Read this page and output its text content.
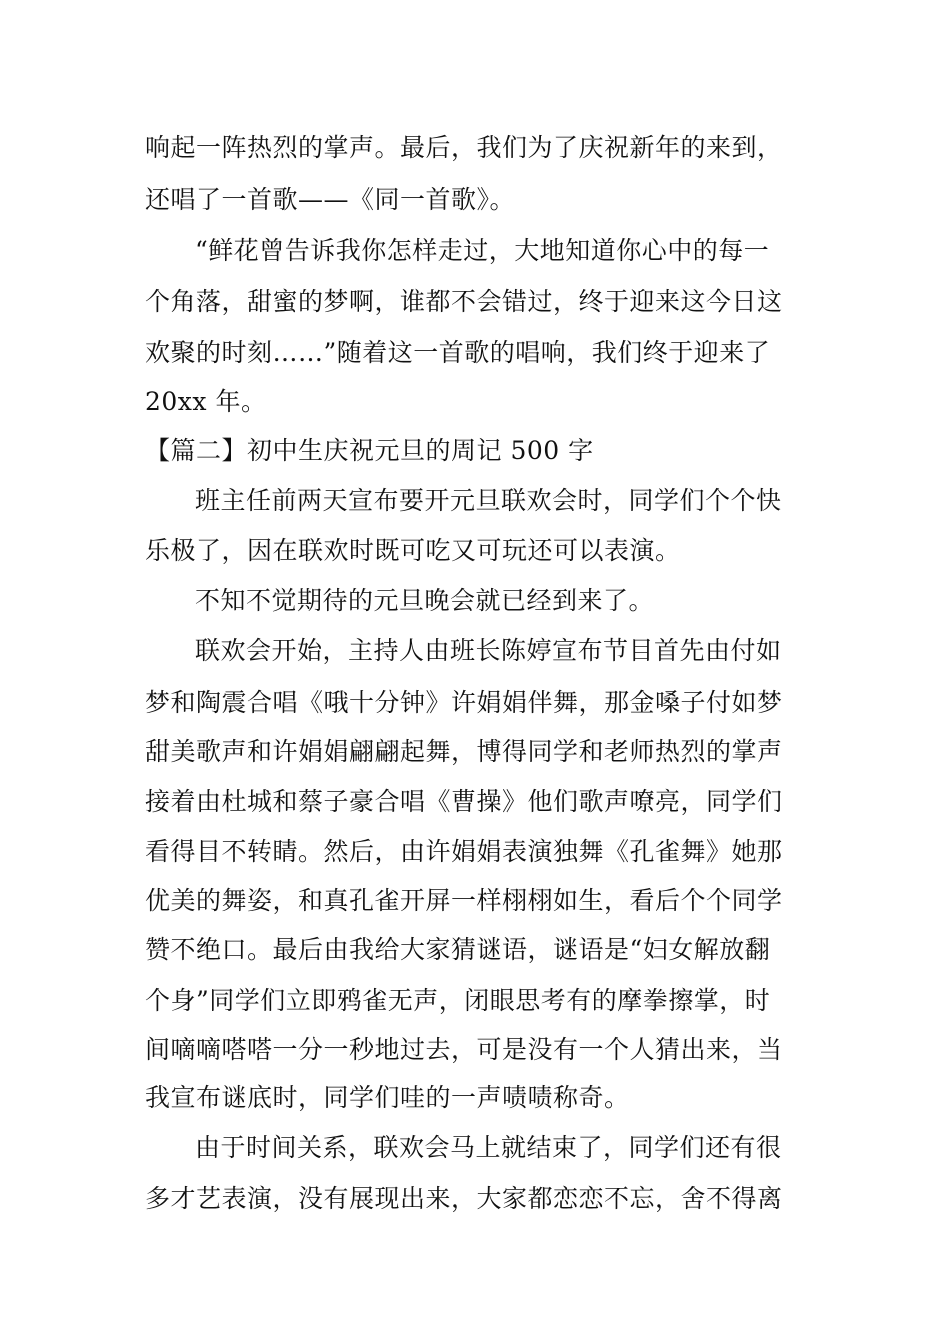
响起一阵热烈的掌声。最后，我们为了庆祝新年的来到，
还唱了一首歌——《同一首歌》。
“鲜花曾告诉我你怎样走过，大地知道你心中的每一
个角落，甜蜜的梦啊，谁都不会错过，终于迎来这今日这
欢聚的时刻……”随着这一首歌的唱响，我们终于迎来了
20xx 年。
【篇二】初中生庆祝元旦的周记 500 字
班主任前两天宣布要开元旦联欢会时，同学们个个快
乐极了，因在联欢时既可吃又可玩还可以表演。
不知不觉期待的元旦晚会就已经到来了。
联欢会开始，主持人由班长陈婷宣布节目首先由付如
梦和陶震合唱《哦十分钟》许娟娟伴舞，那金嗓子付如梦
甜美歌声和许娟娟翩翩起舞，博得同学和老师热烈的掌声
接着由杜城和蔡子豪合唱《曹操》他们歌声嘹亮，同学们
看得目不转睛。然后，由许娟娟表演独舞《孔雀舞》她那
优美的舞姿，和真孔雀开屏一样栩栩如生，看后个个同学
赞不绝口。最后由我给大家猜谜语，谜语是“妇女解放翻
个身”同学们立即鸦雀无声，闭眼思考有的摩拳擦掌，时
间嘀嘀嗒嗒一分一秒地过去，可是没有一个人猜出来，当
我宣布谜底时，同学们哇的一声啧啧称奇。
由于时间关系，联欢会马上就结束了，同学们还有很
多才艺表演，没有展现出来，大家都恋恋不忘，舍不得离
